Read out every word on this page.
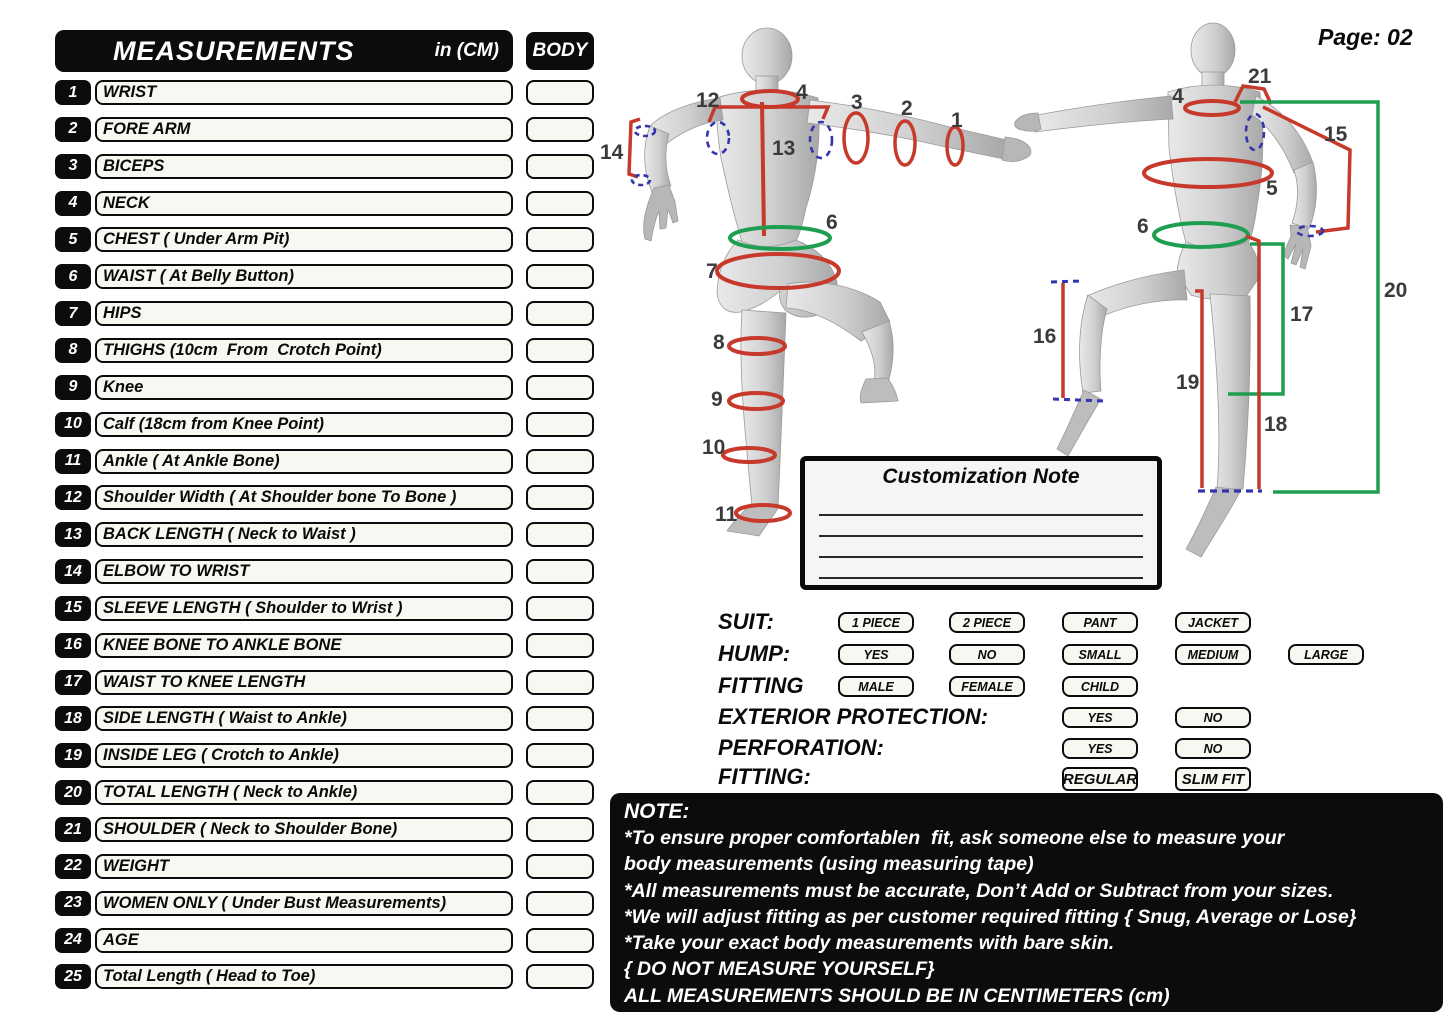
MEASUREMENTS	in (CM)	BODY
1	WRIST
2	FORE ARM
3	BICEPS
4	NECK
5	CHEST ( Under Arm Pit)
6	WAIST ( At Belly Button)
7	HIPS
8	THIGHS (10cm  From  Crotch Point)
9	Knee
10	Calf (18cm from Knee Point)
11	Ankle ( At Ankle Bone)
12	Shoulder Width ( At Shoulder bone To Bone )
13	BACK LENGTH ( Neck to Waist )
14	ELBOW TO WRIST
15	SLEEVE LENGTH ( Shoulder to Wrist )
16	KNEE BONE TO ANKLE BONE
17	WAIST TO KNEE LENGTH
18	SIDE LENGTH ( Waist to Ankle)
19	INSIDE LEG ( Crotch to Ankle)
20	TOTAL LENGTH ( Neck to Ankle)
21	SHOULDER ( Neck to Shoulder Bone)
22	WEIGHT
23	WOMEN ONLY ( Under Bust Measurements)
24	AGE
25	Total Length ( Head to Toe)
Page: 02
12	4 3 2
1
14	13
6
7
8
9
10
11
4
21
15
5
6
16
17
19
18
20
Customization Note
SUIT:	1 PIECE	2 PIECE	PANT	JACKET
HUMP:	YES	NO	SMALL	MEDIUM	LARGE
FITTING	MALE	FEMALE	CHILD
EXTERIOR PROTECTION:	YES	NO
PERFORATION:	YES	NO
FITTING:	REGULAR	SLIM FIT
NOTE:
*To ensure proper comfortablen  fit, ask someone else to measure your
body measurements (using measuring tape)
*All measurements must be accurate, Don’t Add or Subtract from your sizes.
*We will adjust fitting as per customer required fitting { Snug, Average or Lose}
*Take your exact body measurements with bare skin.
{ DO NOT MEASURE YOURSELF}
ALL MEASUREMENTS SHOULD BE IN CENTIMETERS (cm)
